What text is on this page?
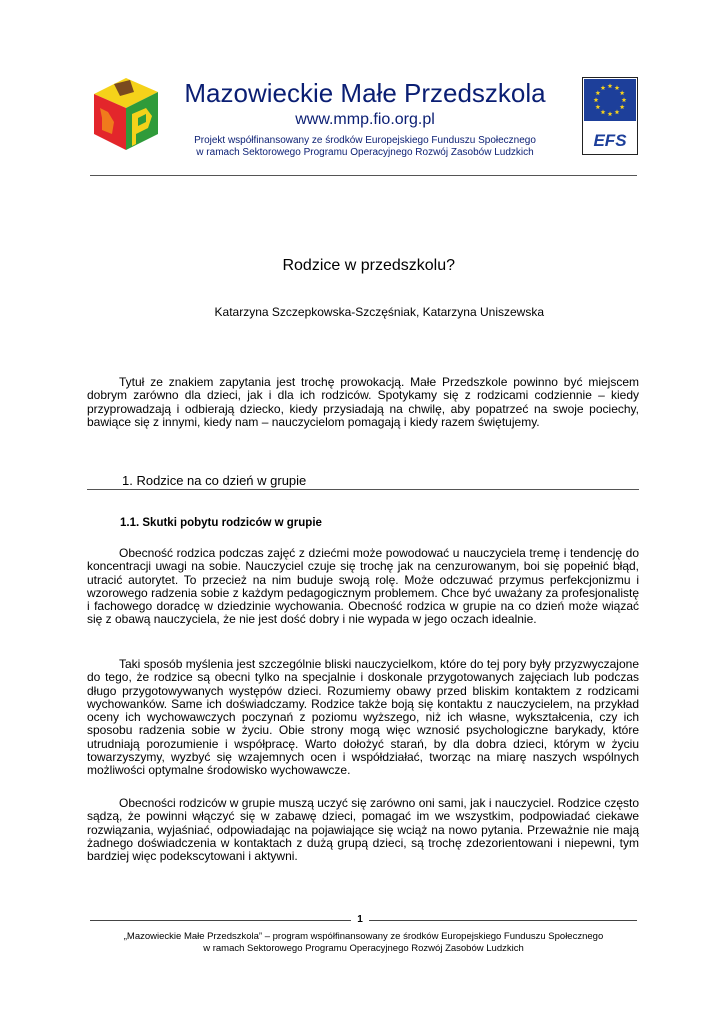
EFS
Mazowieckie Małe Przedszkola
www.mmp.fio.org.pl
Projekt współfinansowany ze środków Europejskiego Funduszu Społecznego
w ramach Sektorowego Programu Operacyjnego Rozwój Zasobów Ludzkich
Rodzice w przedszkolu?
Katarzyna Szczepkowska-Szczęśniak, Katarzyna Uniszewska

Tytuł ze znakiem zapytania jest trochę prowokacją. Małe Przedszkole powinno być miejscem dobrym zarówno dla dzieci, jak i dla ich rodziców. Spotykamy się z rodzicami codziennie – kiedy przyprowadzają i odbierają dziecko, kiedy przysiadają na chwilę, aby popatrzeć na swoje pociechy, bawiące się z innymi, kiedy nam – nauczycielom pomagają i kiedy razem świętujemy.

1. Rodzice na co dzień w grupie
1.1. Skutki pobytu rodziców w grupie

Obecność rodzica podczas zajęć z dziećmi może powodować u nauczyciela tremę i tendencję do koncentracji uwagi na sobie. Nauczyciel czuje się trochę jak na cenzurowanym, boi się popełnić błąd, utracić autorytet. To przecież na nim buduje swoją rolę. Może odczuwać przymus perfekcjonizmu i wzorowego radzenia sobie z każdym pedagogicznym problemem. Chce być uważany za profesjonalistę i fachowego doradcę w dziedzinie wychowania. Obecność rodzica w grupie na co dzień może wiązać się z obawą nauczyciela, że nie jest dość dobry i nie wypada w jego oczach idealnie.

Taki sposób myślenia jest szczególnie bliski nauczycielkom, które do tej pory były przyzwyczajone do tego, że rodzice są obecni tylko na specjalnie i doskonale przygotowanych zajęciach lub podczas długo przygotowywanych występów dzieci. Rozumiemy obawy przed bliskim kontaktem z rodzicami wychowanków. Same ich doświadczamy. Rodzice także boją się kontaktu z nauczycielem, na przykład oceny ich wychowawczych poczynań z poziomu wyższego, niż ich własne, wykształcenia, czy ich sposobu radzenia sobie w życiu. Obie strony mogą więc wznosić psychologiczne barykady, które utrudniają porozumienie i współpracę. Warto dołożyć starań, by dla dobra dzieci, którym w życiu towarzyszymy, wyzbyć się wzajemnych ocen i współdziałać, tworząc na miarę naszych wspólnych możliwości optymalne środowisko wychowawcze.

Obecności rodziców w grupie muszą uczyć się zarówno oni sami, jak i nauczyciel. Rodzice często sądzą, że powinni włączyć się w zabawę dzieci, pomagać im we wszystkim, podpowiadać ciekawe rozwiązania, wyjaśniać, odpowiadając na pojawiające się wciąż na nowo pytania. Przeważnie nie mają żadnego doświadczenia w kontaktach z dużą grupą dzieci, są trochę zdezorientowani i niepewni, tym bardziej więc podekscytowani i aktywni.

1
„Mazowieckie Małe Przedszkola” – program współfinansowany ze środków Europejskiego Funduszu Społecznego
w ramach Sektorowego Programu Operacyjnego Rozwój Zasobów Ludzkich
